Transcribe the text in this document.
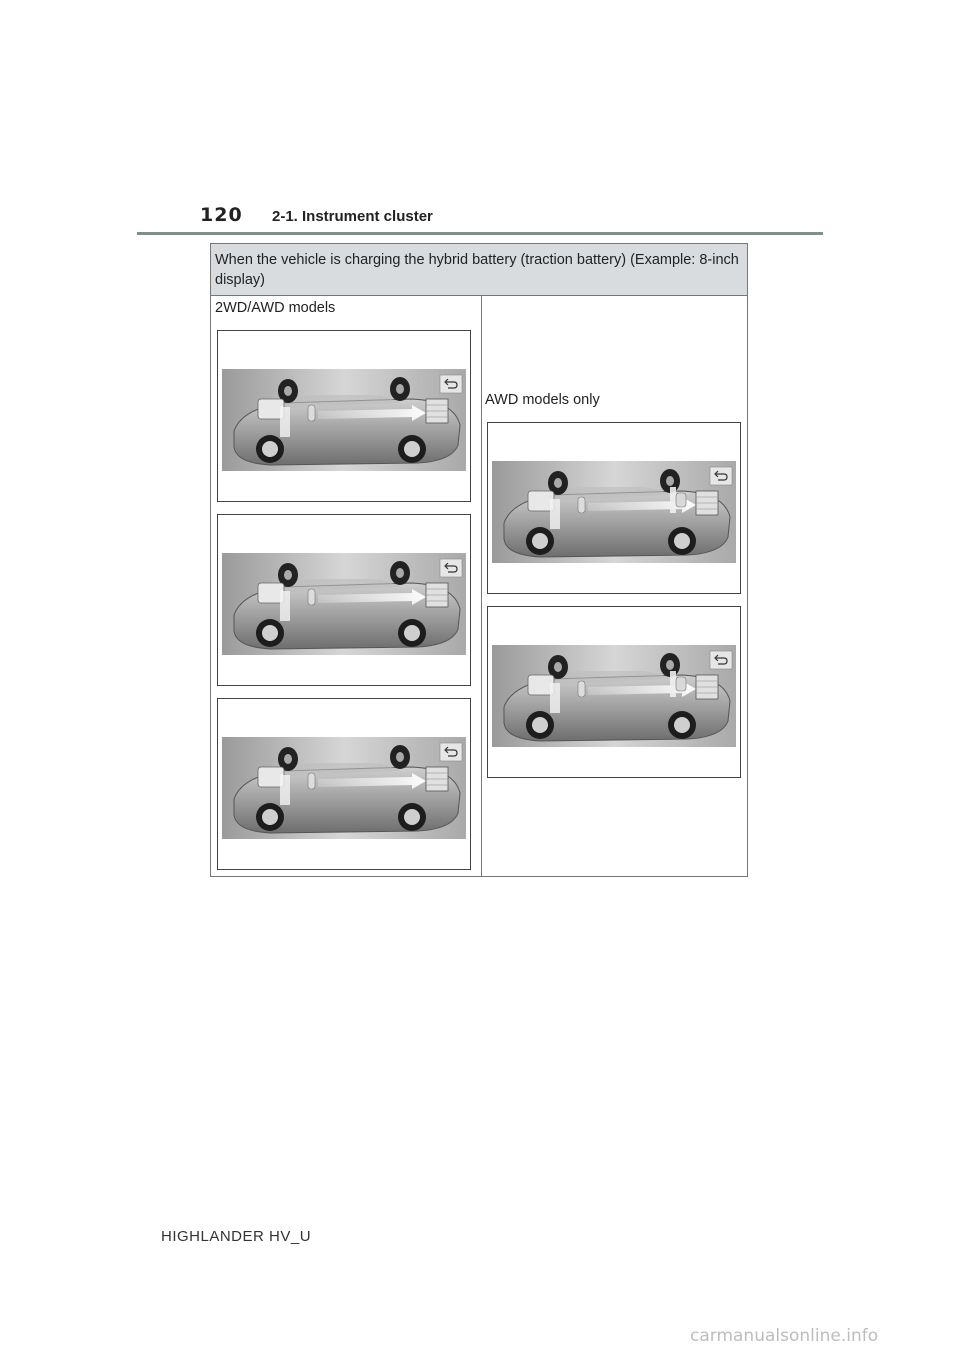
120 2-1. Instrument cluster
When the vehicle is charging the hybrid battery (traction battery) (Example: 8-inch display)
2WD/AWD models
AWD models only
HIGHLANDER HV_U
carmanualsonline.info
